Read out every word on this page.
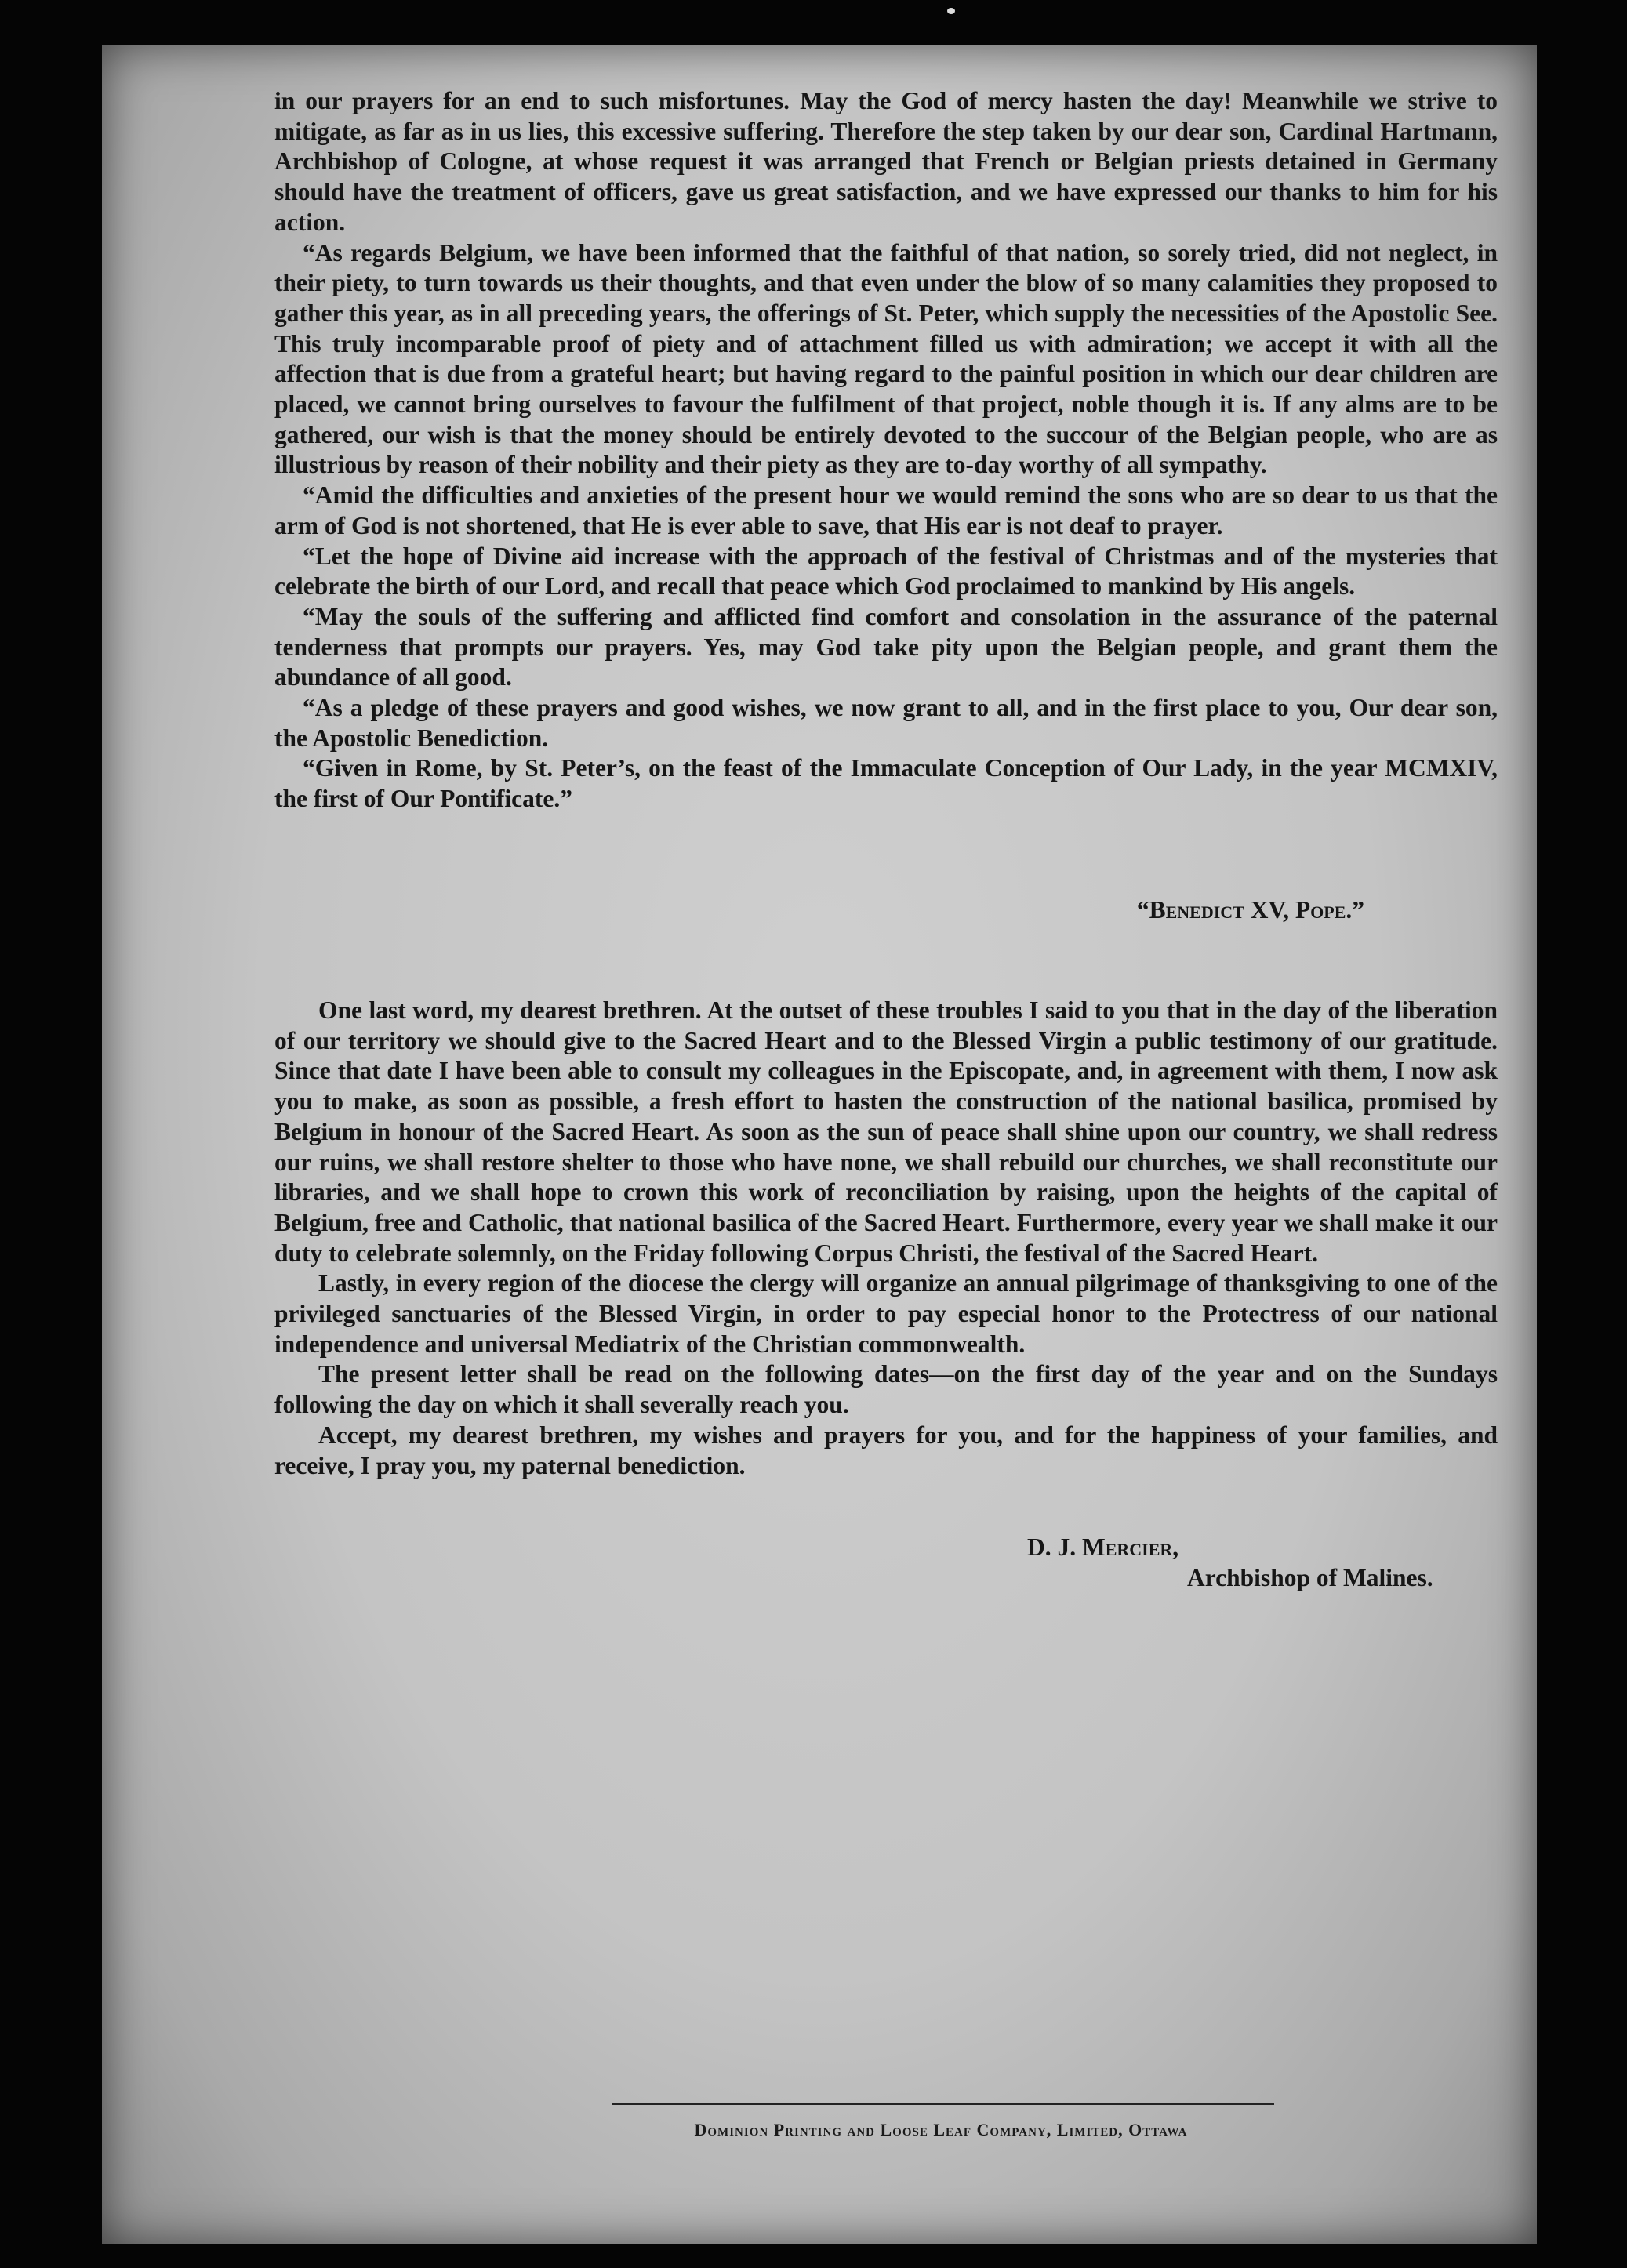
in our prayers for an end to such misfortunes. May the God of mercy hasten the day! Meanwhile we strive to mitigate, as far as in us lies, this excessive suffering. Therefore the step taken by our dear son, Cardinal Hartmann, Archbishop of Cologne, at whose request it was arranged that French or Belgian priests detained in Germany should have the treatment of officers, gave us great satisfaction, and we have expressed our thanks to him for his action.

“As regards Belgium, we have been informed that the faithful of that nation, so sorely tried, did not neglect, in their piety, to turn towards us their thoughts, and that even under the blow of so many calamities they proposed to gather this year, as in all preceding years, the offerings of St. Peter, which supply the necessities of the Apostolic See. This truly incomparable proof of piety and of attachment filled us with admiration; we accept it with all the affection that is due from a grateful heart; but having regard to the painful position in which our dear children are placed, we cannot bring ourselves to favour the fulfilment of that project, noble though it is. If any alms are to be gathered, our wish is that the money should be entirely devoted to the succour of the Belgian people, who are as illustrious by reason of their nobility and their piety as they are to-day worthy of all sympathy.

“Amid the difficulties and anxieties of the present hour we would remind the sons who are so dear to us that the arm of God is not shortened, that He is ever able to save, that His ear is not deaf to prayer.

“Let the hope of Divine aid increase with the approach of the festival of Christmas and of the mysteries that celebrate the birth of our Lord, and recall that peace which God proclaimed to mankind by His angels.

“May the souls of the suffering and afflicted find comfort and consolation in the assurance of the paternal tenderness that prompts our prayers. Yes, may God take pity upon the Belgian people, and grant them the abundance of all good.

“As a pledge of these prayers and good wishes, we now grant to all, and in the first place to you, Our dear son, the Apostolic Benediction.

“Given in Rome, by St. Peter’s, on the feast of the Immaculate Conception of Our Lady, in the year MCMXIV, the first of Our Pontificate.”

“Benedict XV, Pope.”

One last word, my dearest brethren. At the outset of these troubles I said to you that in the day of the liberation of our territory we should give to the Sacred Heart and to the Blessed Virgin a public testimony of our gratitude. Since that date I have been able to consult my colleagues in the Episcopate, and, in agreement with them, I now ask you to make, as soon as possible, a fresh effort to hasten the construction of the national basilica, promised by Belgium in honour of the Sacred Heart. As soon as the sun of peace shall shine upon our country, we shall redress our ruins, we shall restore shelter to those who have none, we shall rebuild our churches, we shall reconstitute our libraries, and we shall hope to crown this work of reconciliation by raising, upon the heights of the capital of Belgium, free and Catholic, that national basilica of the Sacred Heart. Furthermore, every year we shall make it our duty to celebrate solemnly, on the Friday following Corpus Christi, the festival of the Sacred Heart.

Lastly, in every region of the diocese the clergy will organize an annual pilgrimage of thanksgiving to one of the privileged sanctuaries of the Blessed Virgin, in order to pay especial honor to the Protectress of our national independence and universal Mediatrix of the Christian commonwealth.

The present letter shall be read on the following dates—on the first day of the year and on the Sundays following the day on which it shall severally reach you.

Accept, my dearest brethren, my wishes and prayers for you, and for the happiness of your families, and receive, I pray you, my paternal benediction.

D. J. Mercier,
Archbishop of Malines.
Dominion Printing and Loose Leaf Company, Limited, Ottawa
